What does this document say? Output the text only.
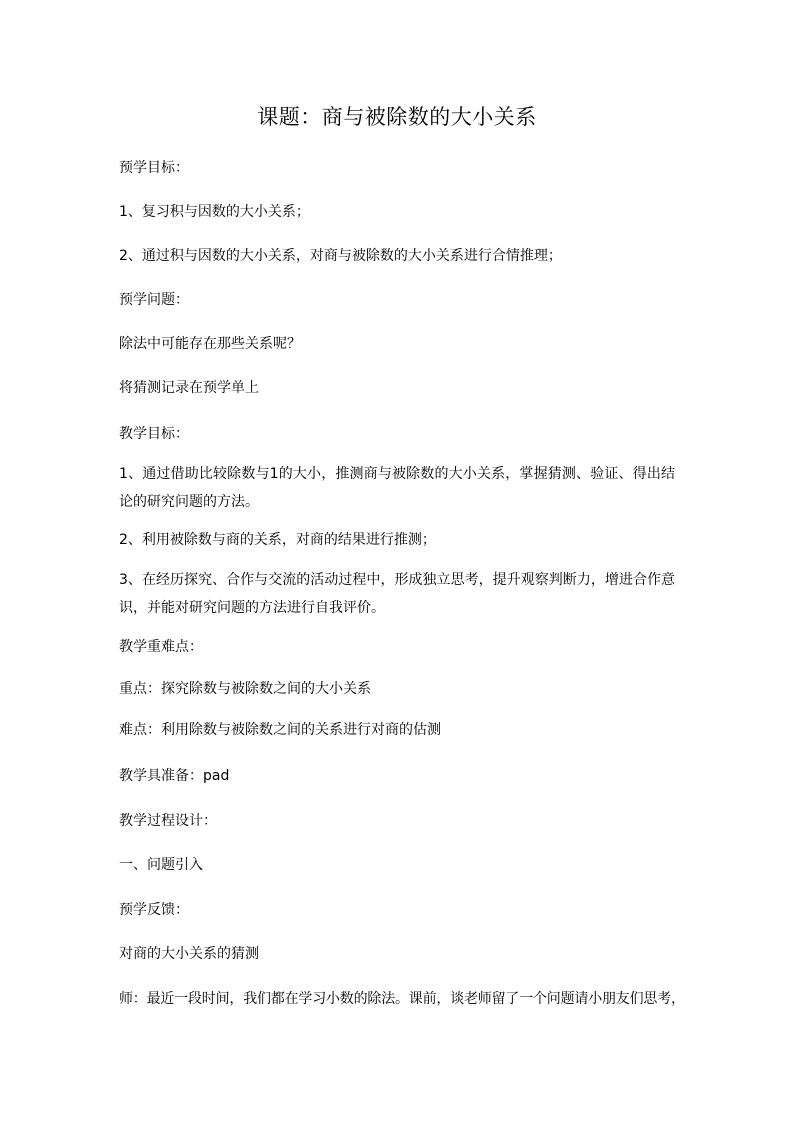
课题：商与被除数的大小关系
预学目标：
1、复习积与因数的大小关系；
2、通过积与因数的大小关系，对商与被除数的大小关系进行合情推理；
预学问题：
除法中可能存在那些关系呢？
将猜测记录在预学单上
教学目标：
1、通过借助比较除数与1的大小，推测商与被除数的大小关系，掌握猜测、验证、得出结论的研究问题的方法。
2、利用被除数与商的关系，对商的结果进行推测；
3、在经历探究、合作与交流的活动过程中，形成独立思考，提升观察判断力，增进合作意识，并能对研究问题的方法进行自我评价。
教学重难点：
重点：探究除数与被除数之间的大小关系
难点：利用除数与被除数之间的关系进行对商的估测
教学具准备：pad
教学过程设计：
一、问题引入
预学反馈：
对商的大小关系的猜测
师：最近一段时间，我们都在学习小数的除法。课前，谈老师留了一个问题请小朋友们思考，
